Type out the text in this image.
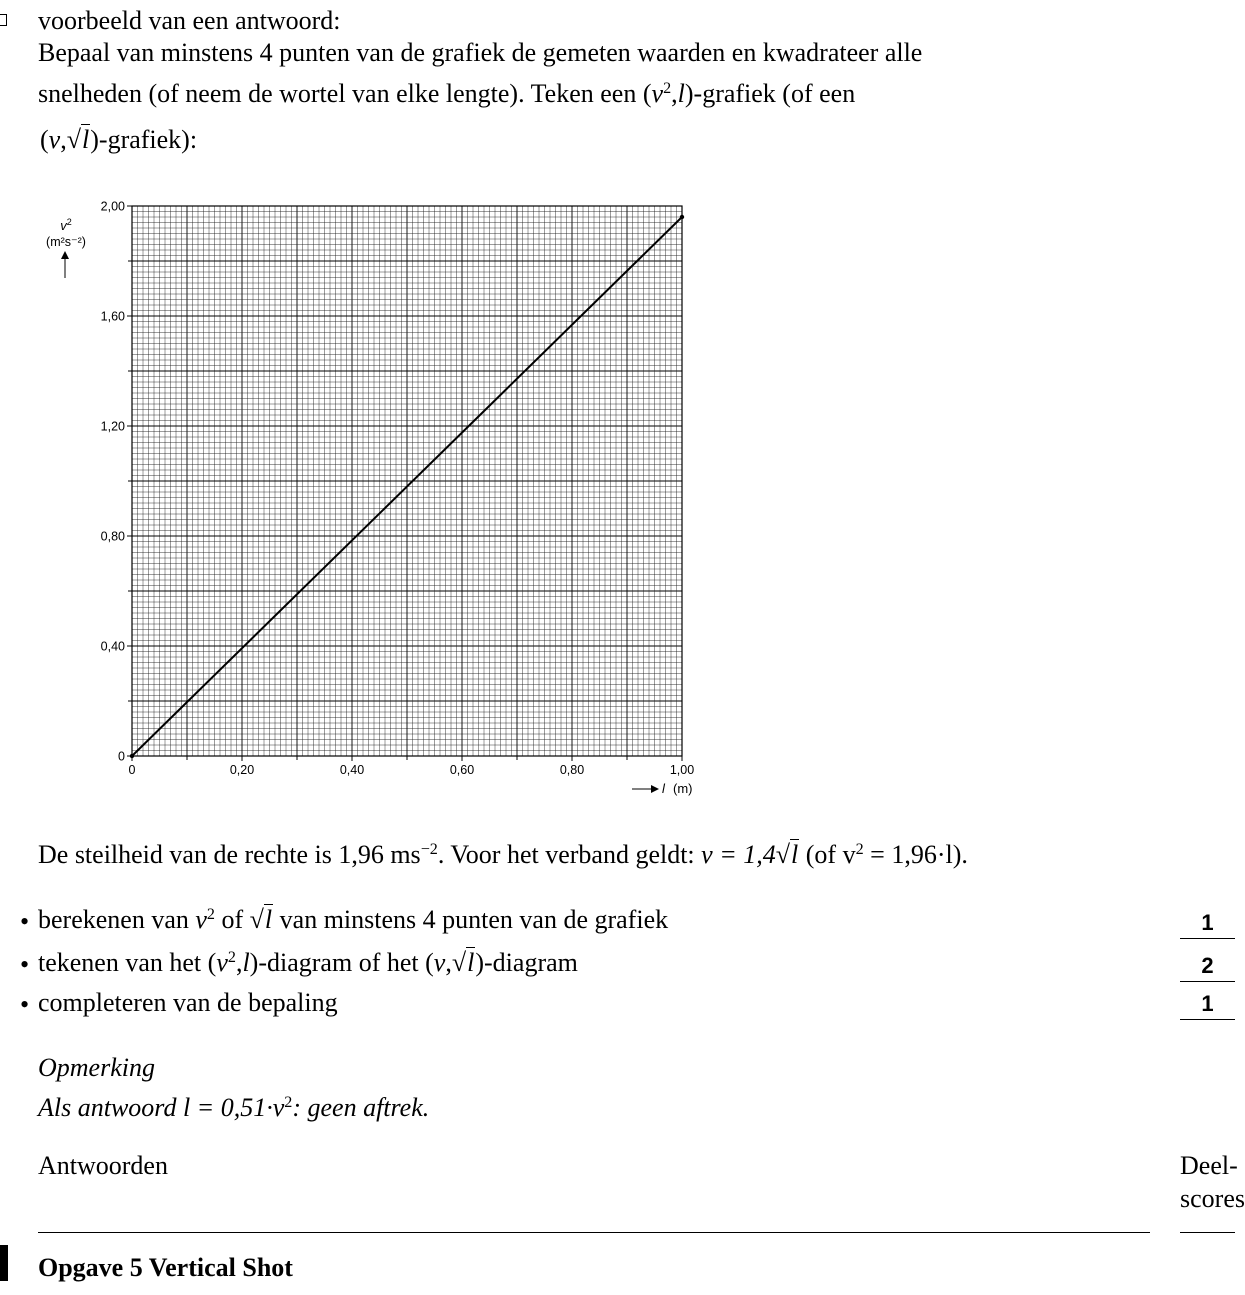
voorbeeld van een antwoord:
Bepaal van minstens 4 punten van de grafiek de gemeten waarden en kwadrateer alle
snelheden (of neem de wortel van elke lengte). Teken een $(v^2,l)$-grafiek (of een
(v,√l)-grafiek):
0	0,20	0,40	0,60	0,80	1,00
0
0,40
0,80
1,20
1,60
2,00
$v^2$
(m²s⁻²)
l (m)
De steilheid van de rechte is 1,96 $ms^{-2}$. Voor het verband geldt: v = 1,4√l (of $v^2 = 1,96\cdot l$).
• berekenen van $v^2$ of √l van minstens 4 punten van de grafiek	1
• tekenen van het $(v^2,l)$-diagram of het (v,√l)-diagram	2
• completeren van de bepaling	1
Opmerking
Als antwoord $l = 0,51\cdot v^2$: geen aftrek.
Antwoorden	Deel-
scores
Opgave 5 Vertical Shot
